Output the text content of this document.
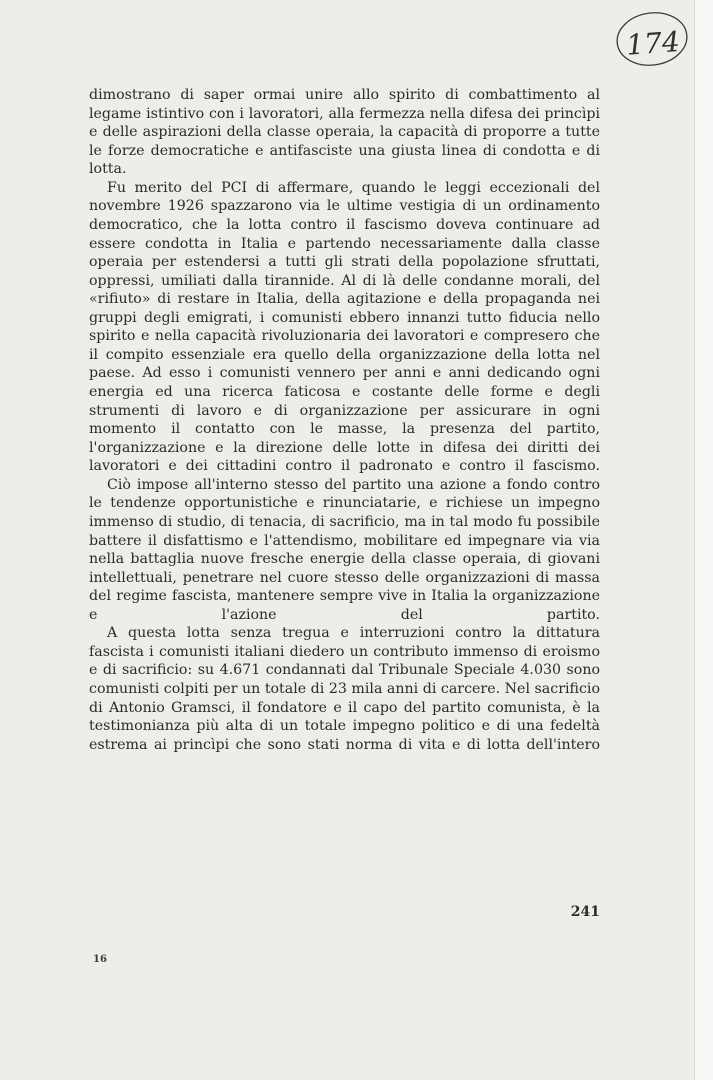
174

dimostrano di saper ormai unire allo spirito di combattimento al legame istintivo con i lavoratori, alla fermezza nella difesa dei princìpi e delle aspirazioni della classe operaia, la capacità di proporre a tutte le forze democratiche e antifasciste una giusta linea di condotta e di lotta.

Fu merito del PCI di affermare, quando le leggi eccezionali del novembre 1926 spazzarono via le ultime vestigia di un ordinamento democratico, che la lotta contro il fascismo doveva continuare ad essere condotta in Italia e partendo necessariamente dalla classe operaia per estendersi a tutti gli strati della popolazione sfruttati, oppressi, umiliati dalla tirannide. Al di là delle condanne morali, del «rifiuto» di restare in Italia, della agitazione e della propaganda nei gruppi degli emigrati, i comunisti ebbero innanzi tutto fiducia nello spirito e nella capacità rivoluzionaria dei lavoratori e compresero che il compito essenziale era quello della organizzazione della lotta nel paese. Ad esso i comunisti vennero per anni e anni dedicando ogni energia ed una ricerca faticosa e costante delle forme e degli strumenti di lavoro e di organizzazione per assicurare in ogni momento il contatto con le masse, la presenza del partito, l'organizzazione e la direzione delle lotte in difesa dei diritti dei lavoratori e dei cittadini contro il padronato e contro il fascismo.

Ciò impose all'interno stesso del partito una azione a fondo contro le tendenze opportunistiche e rinunciatarie, e richiese un impegno immenso di studio, di tenacia, di sacrificio, ma in tal modo fu possibile battere il disfattismo e l'attendismo, mobilitare ed impegnare via via nella battaglia nuove fresche energie della classe operaia, di giovani intellettuali, penetrare nel cuore stesso delle organizzazioni di massa del regime fascista, mantenere sempre vive in Italia la organizzazione e l'azione del partito.

A questa lotta senza tregua e interruzioni contro la dittatura fascista i comunisti italiani diedero un contributo immenso di eroismo e di sacrificio: su 4.671 condannati dal Tribunale Speciale 4.030 sono comunisti colpiti per un totale di 23 mila anni di carcere. Nel sacrificio di Antonio Gramsci, il fondatore e il capo del partito comunista, è la testimonianza più alta di un totale impegno politico e di una fedeltà estrema ai princìpi che sono stati norma di vita e di lotta dell'intero

241
16
